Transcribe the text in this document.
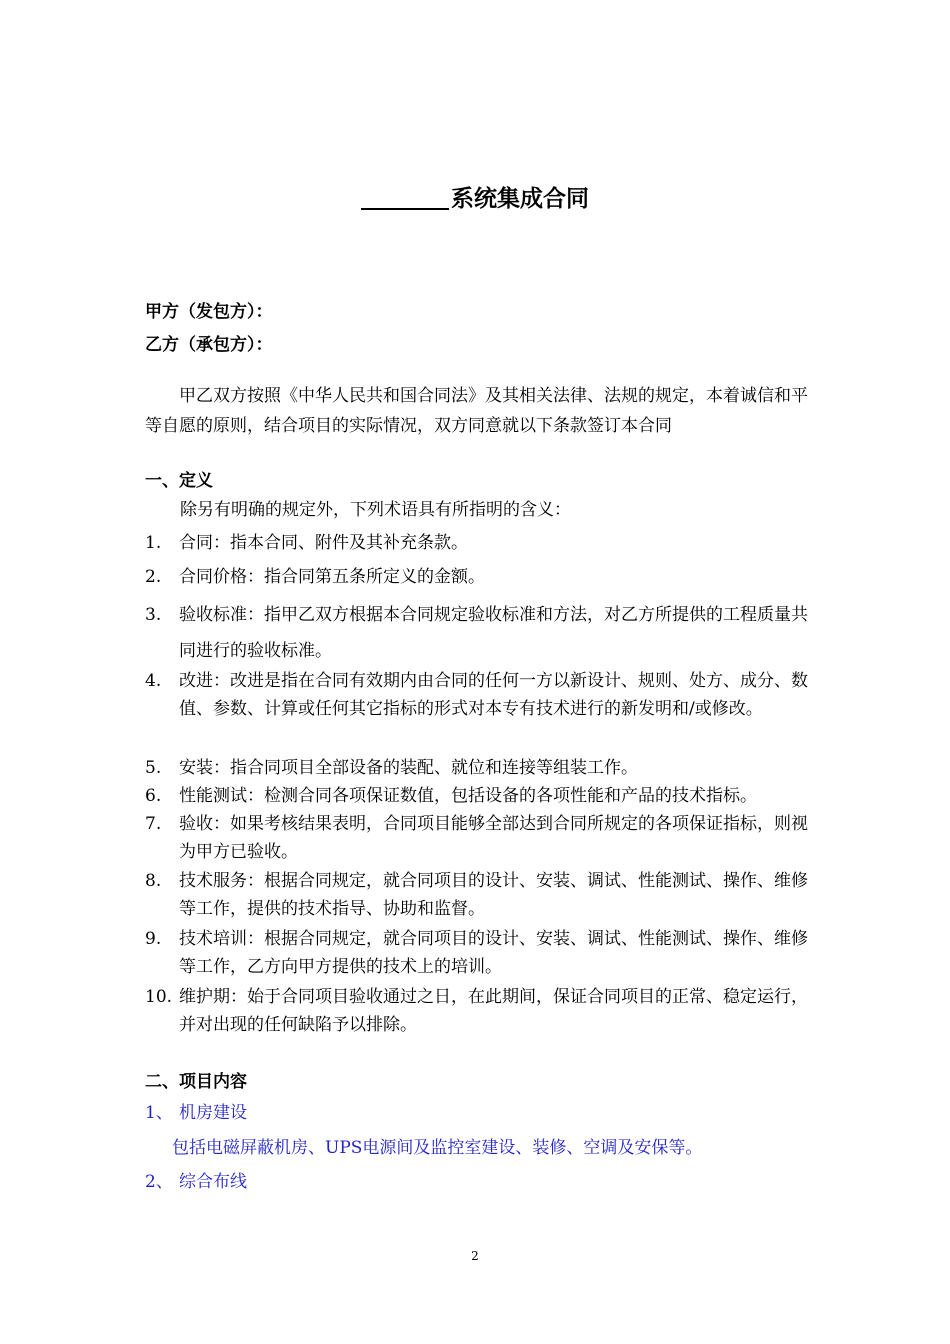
系统集成合同
甲方（发包方）：
乙方（承包方）：
甲乙双方按照《中华人民共和国合同法》及其相关法律、法规的规定，本着诚信和平等自愿的原则，结合项目的实际情况，双方同意就以下条款签订本合同
一、定义
除另有明确的规定外，下列术语具有所指明的含义：
1.	合同：指本合同、附件及其补充条款。
2.	合同价格：指合同第五条所定义的金额。
3.	验收标准：指甲乙双方根据本合同规定验收标准和方法，对乙方所提供的工程质量共同进行的验收标准。
4.	改进：改进是指在合同有效期内由合同的任何一方以新设计、规则、处方、成分、数值、参数、计算或任何其它指标的形式对本专有技术进行的新发明和/或修改。
5.	安装：指合同项目全部设备的装配、就位和连接等组装工作。
6.	性能测试：检测合同各项保证数值，包括设备的各项性能和产品的技术指标。
7.	验收：如果考核结果表明，合同项目能够全部达到合同所规定的各项保证指标，则视为甲方已验收。
8.	技术服务：根据合同规定，就合同项目的设计、安装、调试、性能测试、操作、维修等工作，提供的技术指导、协助和监督。
9.	技术培训：根据合同规定，就合同项目的设计、安装、调试、性能测试、操作、维修等工作，乙方向甲方提供的技术上的培训。
10. 维护期：始于合同项目验收通过之日，在此期间，保证合同项目的正常、稳定运行，并对出现的任何缺陷予以排除。
二、项目内容
1、 机房建设
包括电磁屏蔽机房、UPS电源间及监控室建设、装修、空调及安保等。
2、 综合布线
2
